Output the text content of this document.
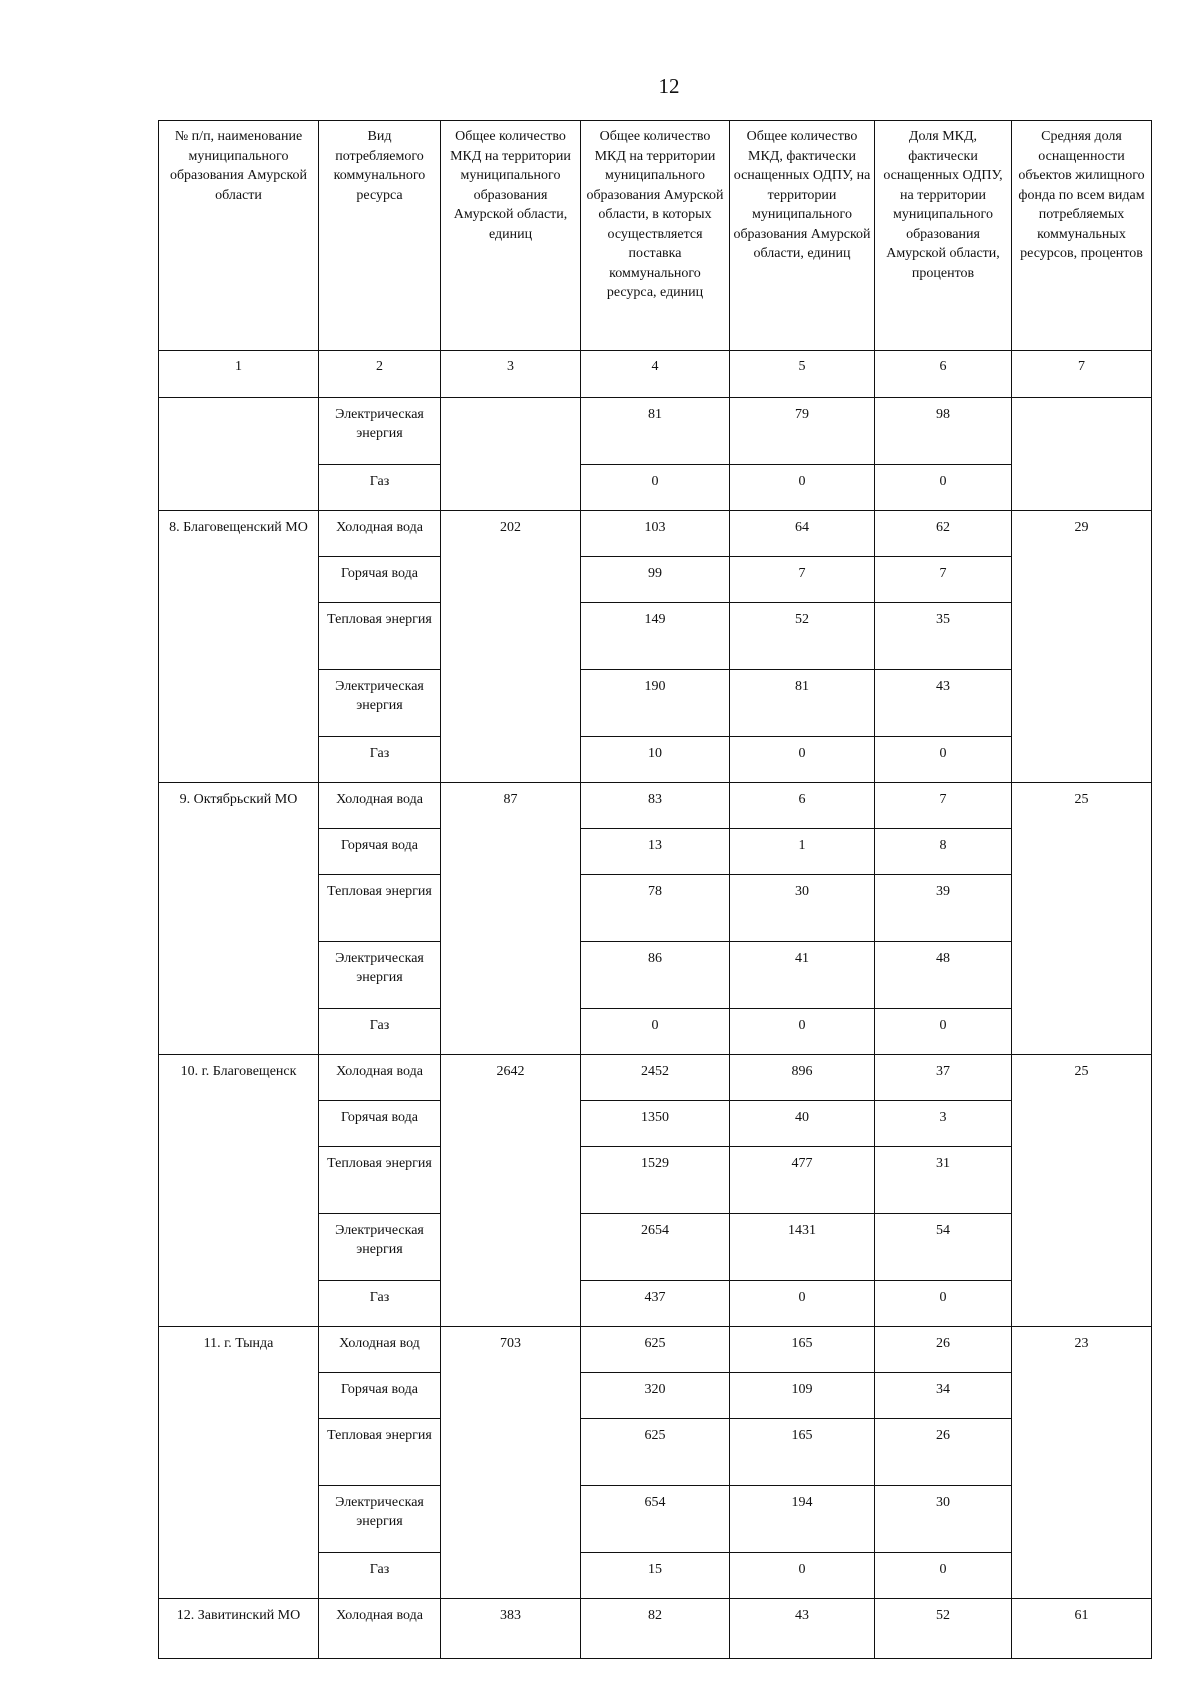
12
№ п/п, наименование муниципального образования Амурской области	Вид потребляемого коммунального ресурса	Общее количество МКД на территории муниципального образования Амурской области, единиц	Общее количество МКД на территории муниципального образования Амурской области, в которых осуществляется поставка коммунального ресурса, единиц	Общее количество МКД, фактически оснащенных ОДПУ, на территории муниципального образования Амурской области, единиц	Доля МКД, фактически оснащенных ОДПУ, на территории муниципального образования Амурской области, процентов	Средняя доля оснащенности объектов жилищного фонда по всем видам потребляемых коммунальных ресурсов, процентов
1	2	3	4	5	6	7
	Электрическая энергия		81	79	98	
	Газ		0	0	0	
8. Благовещенский МО	Холодная вода	202	103	64	62	29
	Горячая вода		99	7	7	
	Тепловая энергия		149	52	35	
	Электрическая энергия		190	81	43	
	Газ		10	0	0	
9. Октябрьский МО	Холодная вода	87	83	6	7	25
	Горячая вода		13	1	8	
	Тепловая энергия		78	30	39	
	Электрическая энергия		86	41	48	
	Газ		0	0	0	
10. г. Благовещенск	Холодная вода	2642	2452	896	37	25
	Горячая вода		1350	40	3	
	Тепловая энергия		1529	477	31	
	Электрическая энергия		2654	1431	54	
	Газ		437	0	0	
11. г. Тында	Холодная вод	703	625	165	26	23
	Горячая вода		320	109	34	
	Тепловая энергия		625	165	26	
	Электрическая энергия		654	194	30	
	Газ		15	0	0	
12. Завитинский МО	Холодная вода	383	82	43	52	61
